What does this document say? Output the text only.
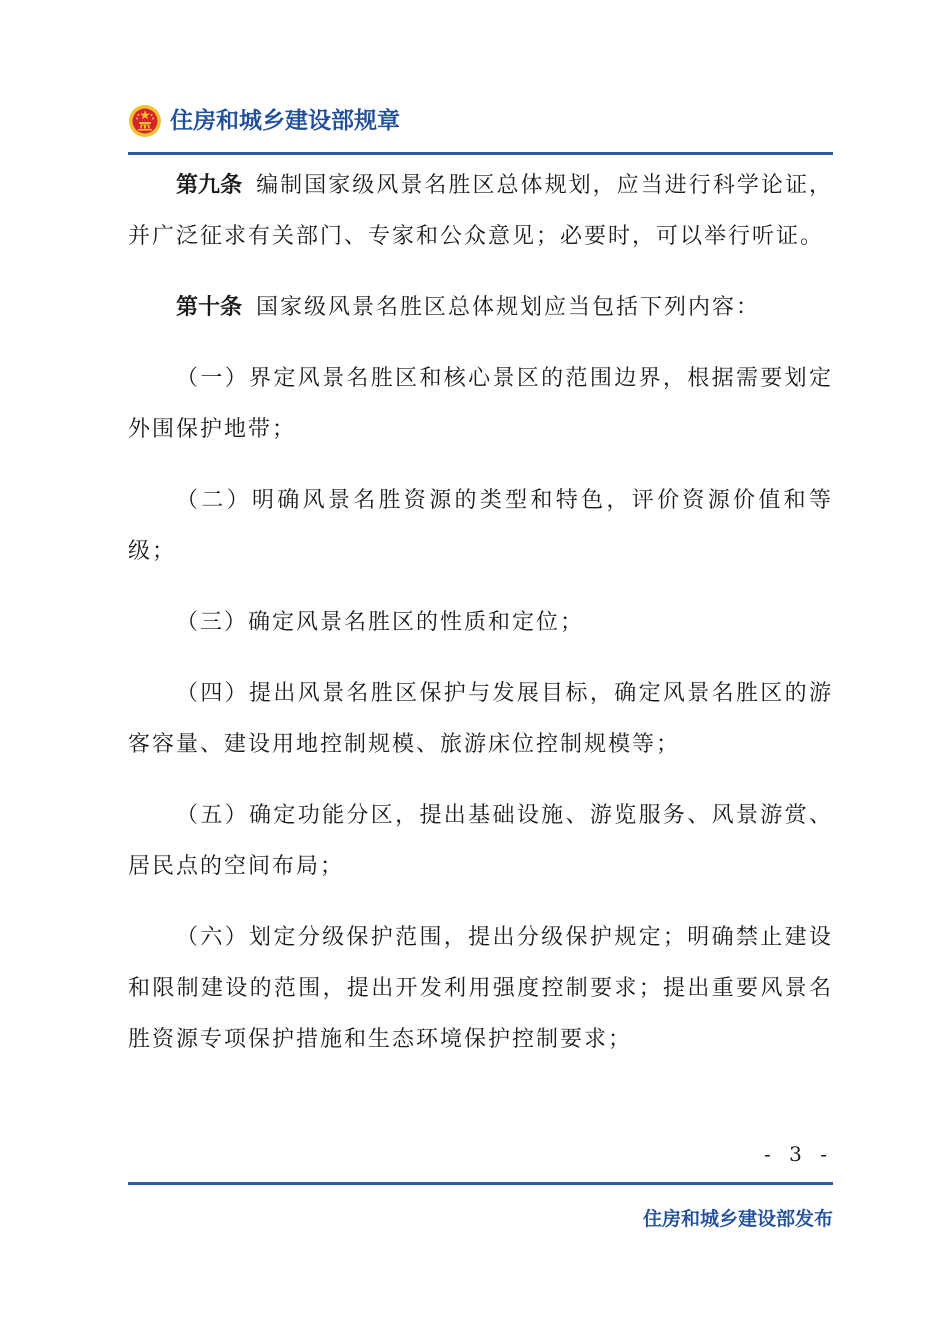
住房和城乡建设部规章

第九条 编制国家级风景名胜区总体规划，应当进行科学论证，并广泛征求有关部门、专家和公众意见；必要时，可以举行听证。

第十条 国家级风景名胜区总体规划应当包括下列内容：

（一）界定风景名胜区和核心景区的范围边界，根据需要划定外围保护地带；

（二）明确风景名胜资源的类型和特色，评价资源价值和等级；

（三）确定风景名胜区的性质和定位；

（四）提出风景名胜区保护与发展目标，确定风景名胜区的游客容量、建设用地控制规模、旅游床位控制规模等；

（五）确定功能分区，提出基础设施、游览服务、风景游赏、居民点的空间布局；

（六）划定分级保护范围，提出分级保护规定；明确禁止建设和限制建设的范围，提出开发利用强度控制要求；提出重要风景名胜资源专项保护措施和生态环境保护控制要求；

- 3 -
住房和城乡建设部发布
